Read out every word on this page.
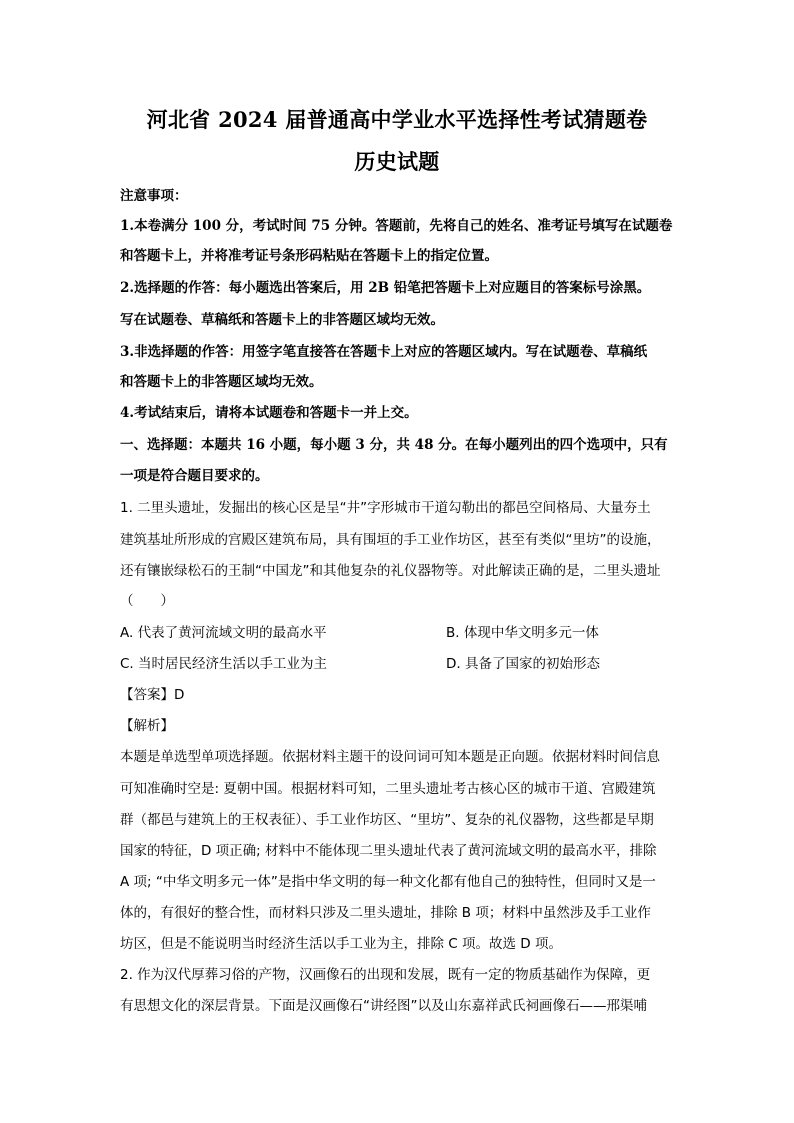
河北省 2024 届普通高中学业水平选择性考试猜题卷
历史试题

注意事项：

1.本卷满分 100 分，考试时间 75 分钟。答题前，先将自己的姓名、准考证号填写在试题卷

和答题卡上，并将准考证号条形码粘贴在答题卡上的指定位置。

2.选择题的作答：每小题选出答案后，用 2B 铅笔把答题卡上对应题目的答案标号涂黑。

写在试题卷、草稿纸和答题卡上的非答题区域均无效。

3.非选择题的作答：用签字笔直接答在答题卡上对应的答题区域内。写在试题卷、草稿纸

和答题卡上的非答题区域均无效。

4.考试结束后，请将本试题卷和答题卡一并上交。

一、选择题：本题共 16 小题，每小题 3 分，共 48 分。在每小题列出的四个选项中，只有

一项是符合题目要求的。

1. 二里头遗址，发掘出的核心区是呈“井”字形城市干道勾勒出的都邑空间格局、大量夯土

建筑基址所形成的宫殿区建筑布局，具有围垣的手工业作坊区，甚至有类似“里坊”的设施，

还有镶嵌绿松石的王制“中国龙”和其他复杂的礼仪器物等。对此解读正确的是，二里头遗址

（　　）

A. 代表了黄河流域文明的最高水平	B. 体现中华文明多元一体

C. 当时居民经济生活以手工业为主	D. 具备了国家的初始形态

【答案】D

【解析】

本题是单选型单项选择题。依据材料主题干的设问词可知本题是正向题。依据材料时间信息

可知准确时空是: 夏朝中国。根据材料可知，二里头遗址考古核心区的城市干道、宫殿建筑

群（都邑与建筑上的王权表征）、手工业作坊区、“里坊”、复杂的礼仪器物，这些都是早期

国家的特征，D 项正确; 材料中不能体现二里头遗址代表了黄河流域文明的最高水平，排除

A 项; “中华文明多元一体”是指中华文明的每一种文化都有他自己的独特性，但同时又是一

体的，有很好的整合性，而材料只涉及二里头遗址，排除 B 项；材料中虽然涉及手工业作

坊区，但是不能说明当时经济生活以手工业为主，排除 C 项。故选 D 项。

2. 作为汉代厚葬习俗的产物，汉画像石的出现和发展，既有一定的物质基础作为保障，更

有思想文化的深层背景。下面是汉画像石“讲经图”以及山东嘉祥武氏祠画像石——邢渠哺
